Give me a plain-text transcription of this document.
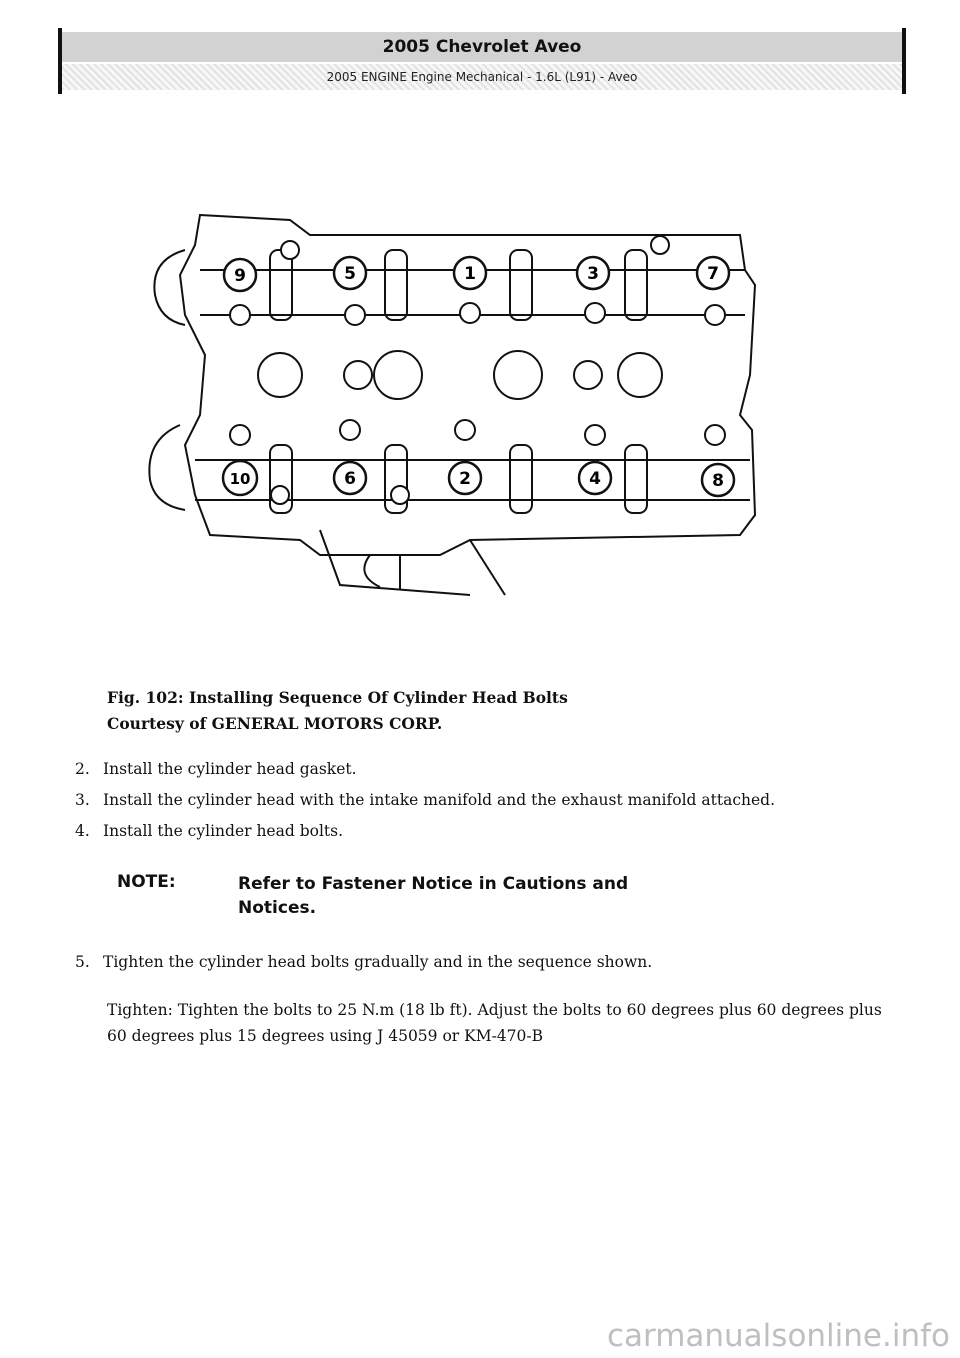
2005 Chevrolet Aveo
2005 ENGINE Engine Mechanical - 1.6L (L91) - Aveo
1
2
3
4
5
6
7
8
9
10
Fig. 102: Installing Sequence Of Cylinder Head Bolts
Courtesy of GENERAL MOTORS CORP.
2. Install the cylinder head gasket.
3. Install the cylinder head with the intake manifold and the exhaust manifold attached.
4. Install the cylinder head bolts.
NOTE:	Refer to Fastener Notice in Cautions and Notices.
5. Tighten the cylinder head bolts gradually and in the sequence shown.
Tighten: Tighten the bolts to 25 N.m (18 lb ft). Adjust the bolts to 60 degrees plus 60 degrees plus 60 degrees plus 15 degrees using J 45059 or KM-470-B
carmanualsonline.info
